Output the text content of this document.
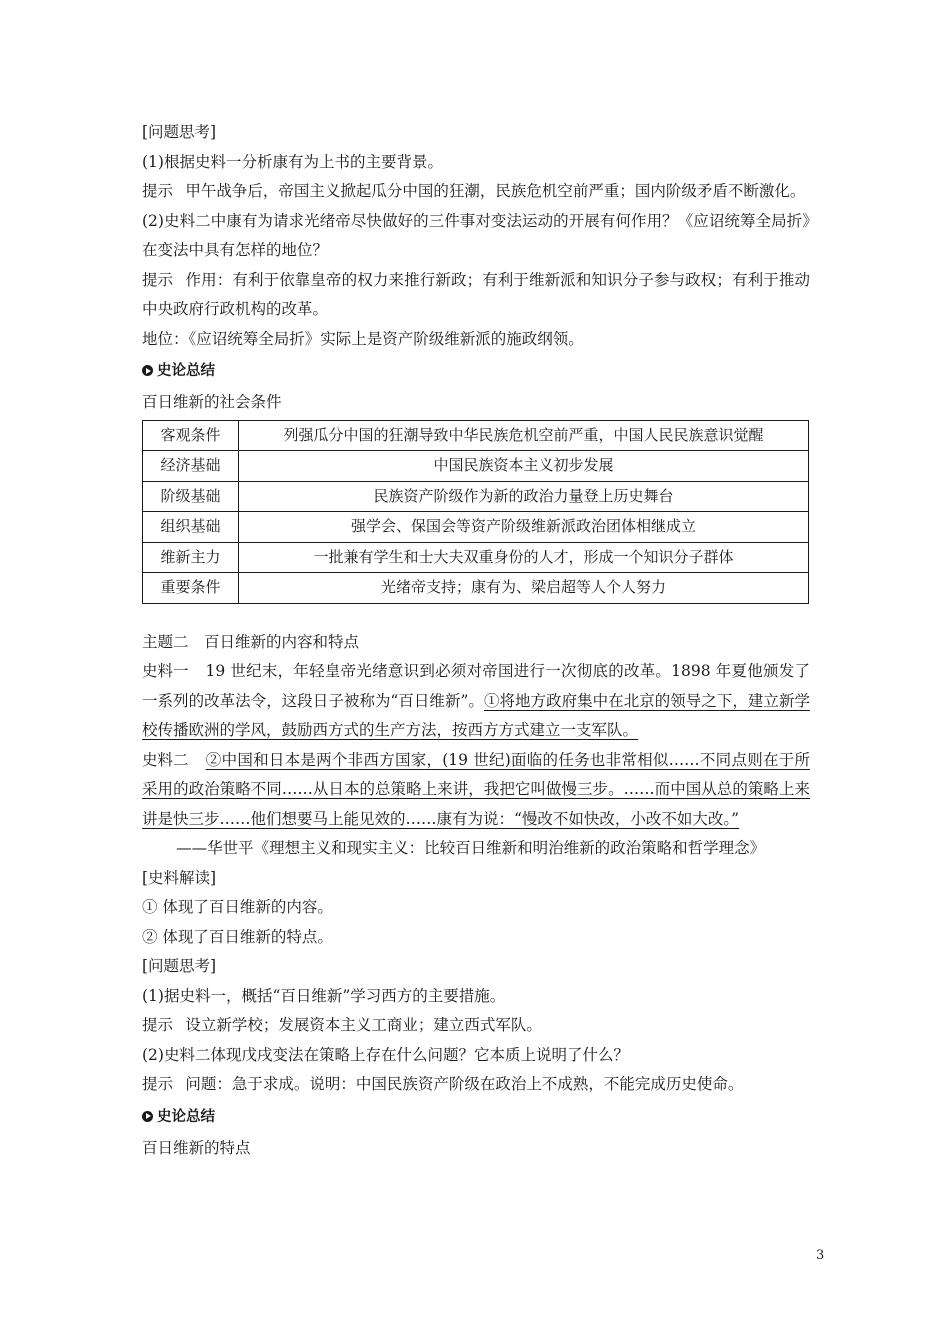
[问题思考]

(1)根据史料一分析康有为上书的主要背景。

提示 甲午战争后，帝国主义掀起瓜分中国的狂潮，民族危机空前严重；国内阶级矛盾不断激化。

(2)史料二中康有为请求光绪帝尽快做好的三件事对变法运动的开展有何作用？《应诏统筹全局折》在变法中具有怎样的地位？

提示 作用：有利于依靠皇帝的权力来推行新政；有利于维新派和知识分子参与政权；有利于推动中央政府行政机构的改革。

地位：《应诏统筹全局折》实际上是资产阶级维新派的施政纲领。

史论总结

百日维新的社会条件

客观条件	列强瓜分中国的狂潮导致中华民族危机空前严重，中国人民民族意识觉醒
经济基础	中国民族资本主义初步发展
阶级基础	民族资产阶级作为新的政治力量登上历史舞台
组织基础	强学会、保国会等资产阶级维新派政治团体相继成立
维新主力	一批兼有学生和士大夫双重身份的人才，形成一个知识分子群体
重要条件	光绪帝支持；康有为、梁启超等人个人努力

主题二　百日维新的内容和特点

史料一 19 世纪末，年轻皇帝光绪意识到必须对帝国进行一次彻底的改革。1898 年夏他颁发了一系列的改革法令，这段日子被称为“百日维新”。①将地方政府集中在北京的领导之下，建立新学校传播欧洲的学风，鼓励西方式的生产方法，按西方方式建立一支军队。

史料二 ②中国和日本是两个非西方国家，(19 世纪)面临的任务也非常相似……不同点则在于所采用的政治策略不同……从日本的总策略上来讲，我把它叫做慢三步。……而中国从总的策略上来讲是快三步……他们想要马上能见效的……康有为说：“慢改不如快改，小改不如大改。”

——华世平《理想主义和现实主义：比较百日维新和明治维新的政治策略和哲学理念》

[史料解读]

① 体现了百日维新的内容。

② 体现了百日维新的特点。

[问题思考]

(1)据史料一，概括“百日维新”学习西方的主要措施。

提示 设立新学校；发展资本主义工商业；建立西式军队。

(2)史料二体现戊戌变法在策略上存在什么问题？它本质上说明了什么？

提示 问题：急于求成。说明：中国民族资产阶级在政治上不成熟，不能完成历史使命。

史论总结

百日维新的特点

3
